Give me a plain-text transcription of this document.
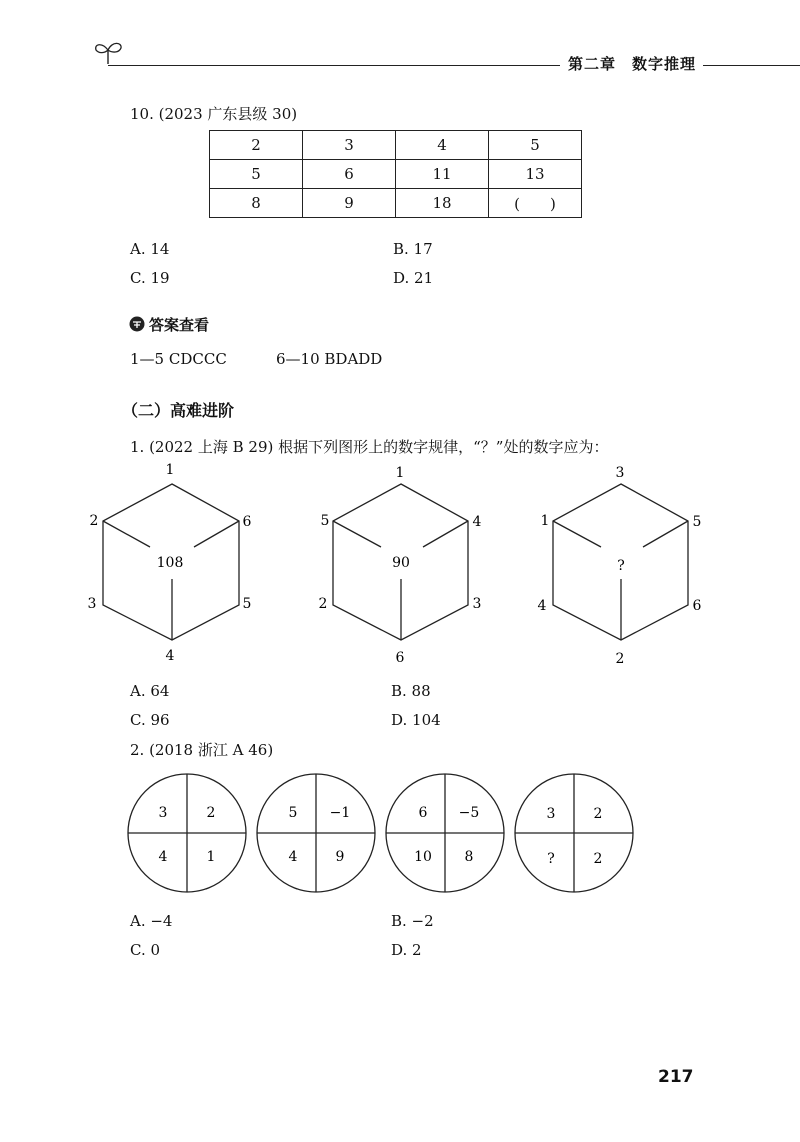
第二章　数字推理
10. (2023 广东县级 30)
2	3	4	5
5	6	11	13
8	9	18	(　　)
A. 14	B. 17
C. 19	D. 21
答案查看
1—5 CDCCC	6—10 BDADD
（二）高难进阶
1. (2022 上海 B 29) 根据下列图形上的数字规律，“？”处的数字应为：
1
2	6
3	5
4
108
1
5	4
2	3
6
90
3
1	5
4	6
2
?
A. 64	B. 88
C. 96	D. 104
2. (2018 浙江 A 46)
3	2
4	1
5 −1
4	9
6 −5
10 8
3	2
?	2
A. −4	B. −2
C. 0	D. 2
217
